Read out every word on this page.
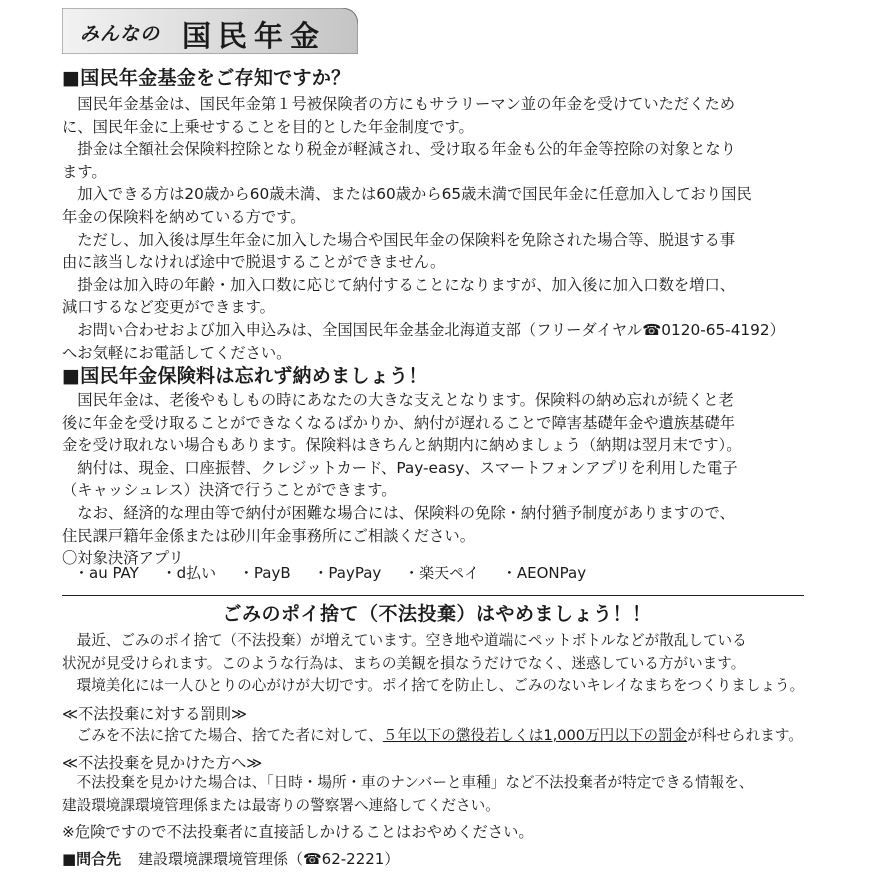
みんなの 国民年金
■国民年金基金をご存知ですか？
　国民年金基金は、国民年金第１号被保険者の方にもサラリーマン並の年金を受けていただくため
に、国民年金に上乗せすることを目的とした年金制度です。
　掛金は全額社会保険料控除となり税金が軽減され、受け取る年金も公的年金等控除の対象となり
ます。
　加入できる方は20歳から60歳未満、または60歳から65歳未満で国民年金に任意加入しており国民
年金の保険料を納めている方です。
　ただし、加入後は厚生年金に加入した場合や国民年金の保険料を免除された場合等、脱退する事
由に該当しなければ途中で脱退することができません。
　掛金は加入時の年齢・加入口数に応じて納付することになりますが、加入後に加入口数を増口、
減口するなど変更ができます。
　お問い合わせおよび加入申込みは、全国国民年金基金北海道支部（フリーダイヤル☎0120-65-4192）
へお気軽にお電話してください。
■国民年金保険料は忘れず納めましょう！
　国民年金は、老後やもしもの時にあなたの大きな支えとなります。保険料の納め忘れが続くと老
後に年金を受け取ることができなくなるばかりか、納付が遅れることで障害基礎年金や遺族基礎年
金を受け取れない場合もあります。保険料はきちんと納期内に納めましょう（納期は翌月末です）。
　納付は、現金、口座振替、クレジットカード、Pay-easy、スマートフォンアプリを利用した電子
（キャッシュレス）決済で行うことができます。
　なお、経済的な理由等で納付が困難な場合には、保険料の免除・納付猶予制度がありますので、
住民課戸籍年金係または砂川年金事務所にご相談ください。
〇対象決済アプリ
・au PAY ・d払い ・PayB ・PayPay ・楽天ペイ ・AEONPay
ごみのポイ捨て（不法投棄）はやめましょう！！
　最近、ごみのポイ捨て（不法投棄）が増えています。空き地や道端にペットボトルなどが散乱している
状況が見受けられます。このような行為は、まちの美観を損なうだけでなく、迷惑している方がいます。
　環境美化には一人ひとりの心がけが大切です。ポイ捨てを防止し、ごみのないキレイなまちをつくりましょう。
≪不法投棄に対する罰則≫
　ごみを不法に捨てた場合、捨てた者に対して、５年以下の懲役若しくは1,000万円以下の罰金が科せられます。
≪不法投棄を見かけた方へ≫
　不法投棄を見かけた場合は、「日時・場所・車のナンバーと車種」など不法投棄者が特定できる情報を、
建設環境課環境管理係または最寄りの警察署へ連絡してください。
※危険ですので不法投棄者に直接話しかけることはおやめください。
■問合先 建設環境課環境管理係（☎62-2221）
